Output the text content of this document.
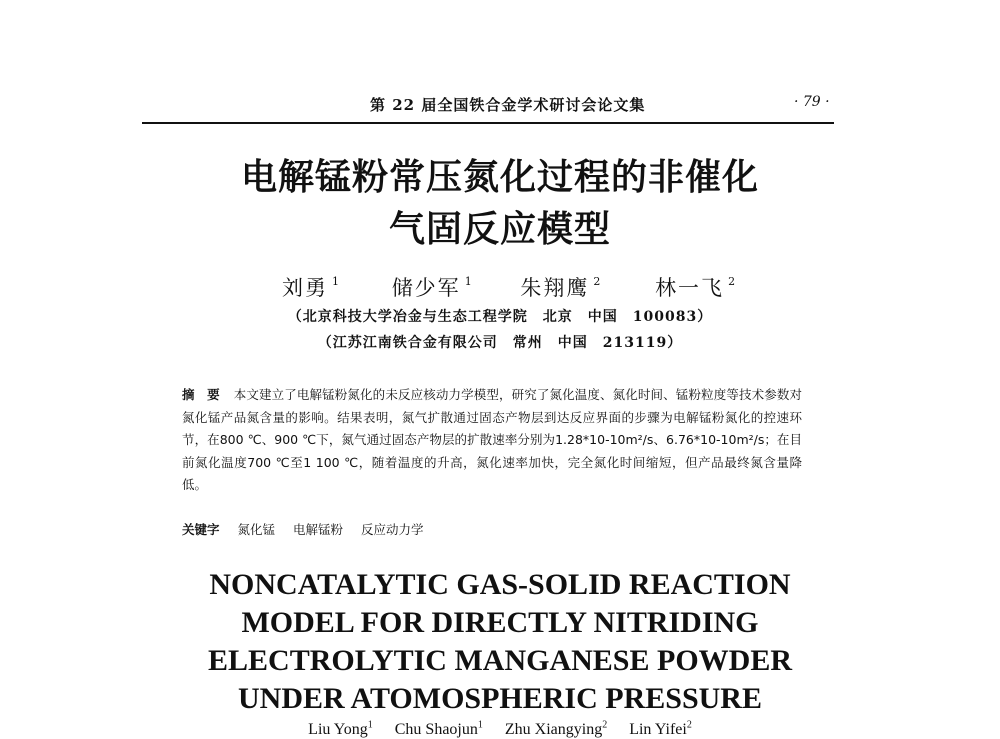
第 22 届全国铁合金学术研讨会论文集	· 79 ·
电解锰粉常压氮化过程的非催化
气固反应模型
刘勇 $^1$ 储少军 $^1$ 朱翔鹰 $^2$	林一飞 $^2$
（北京科技大学冶金与生态工程学院　北京　中国　100083）
（江苏江南铁合金有限公司　常州　中国　213119）
摘 要 本文建立了电解锰粉氮化的未反应核动力学模型，研究了氮化温度、氮化时间、锰粉粒度等技术参数对氮化锰产品氮含量的影响。结果表明，氮气扩散通过固态产物层到达反应界面的步骤为电解锰粉氮化的控速环节，在800 ℃、900 ℃下，氮气通过固态产物层的扩散速率分别为1.28*10-10m²/s、6.76*10-10m²/s；在目前氮化温度700 ℃至1 100 ℃，随着温度的升高，氮化速率加快，完全氮化时间缩短，但产品最终氮含量降低。
关键字 氮化锰 电解锰粉 反应动力学
NONCATALYTIC GAS-SOLID REACTION
MODEL FOR DIRECTLY NITRIDING
ELECTROLYTIC MANGANESE POWDER
UNDER ATOMOSPHERIC PRESSURE
Liu Yong$^1$ Chu Shaojun$^1$ Zhu Xiangying$^2$ Lin Yifei$^2$
